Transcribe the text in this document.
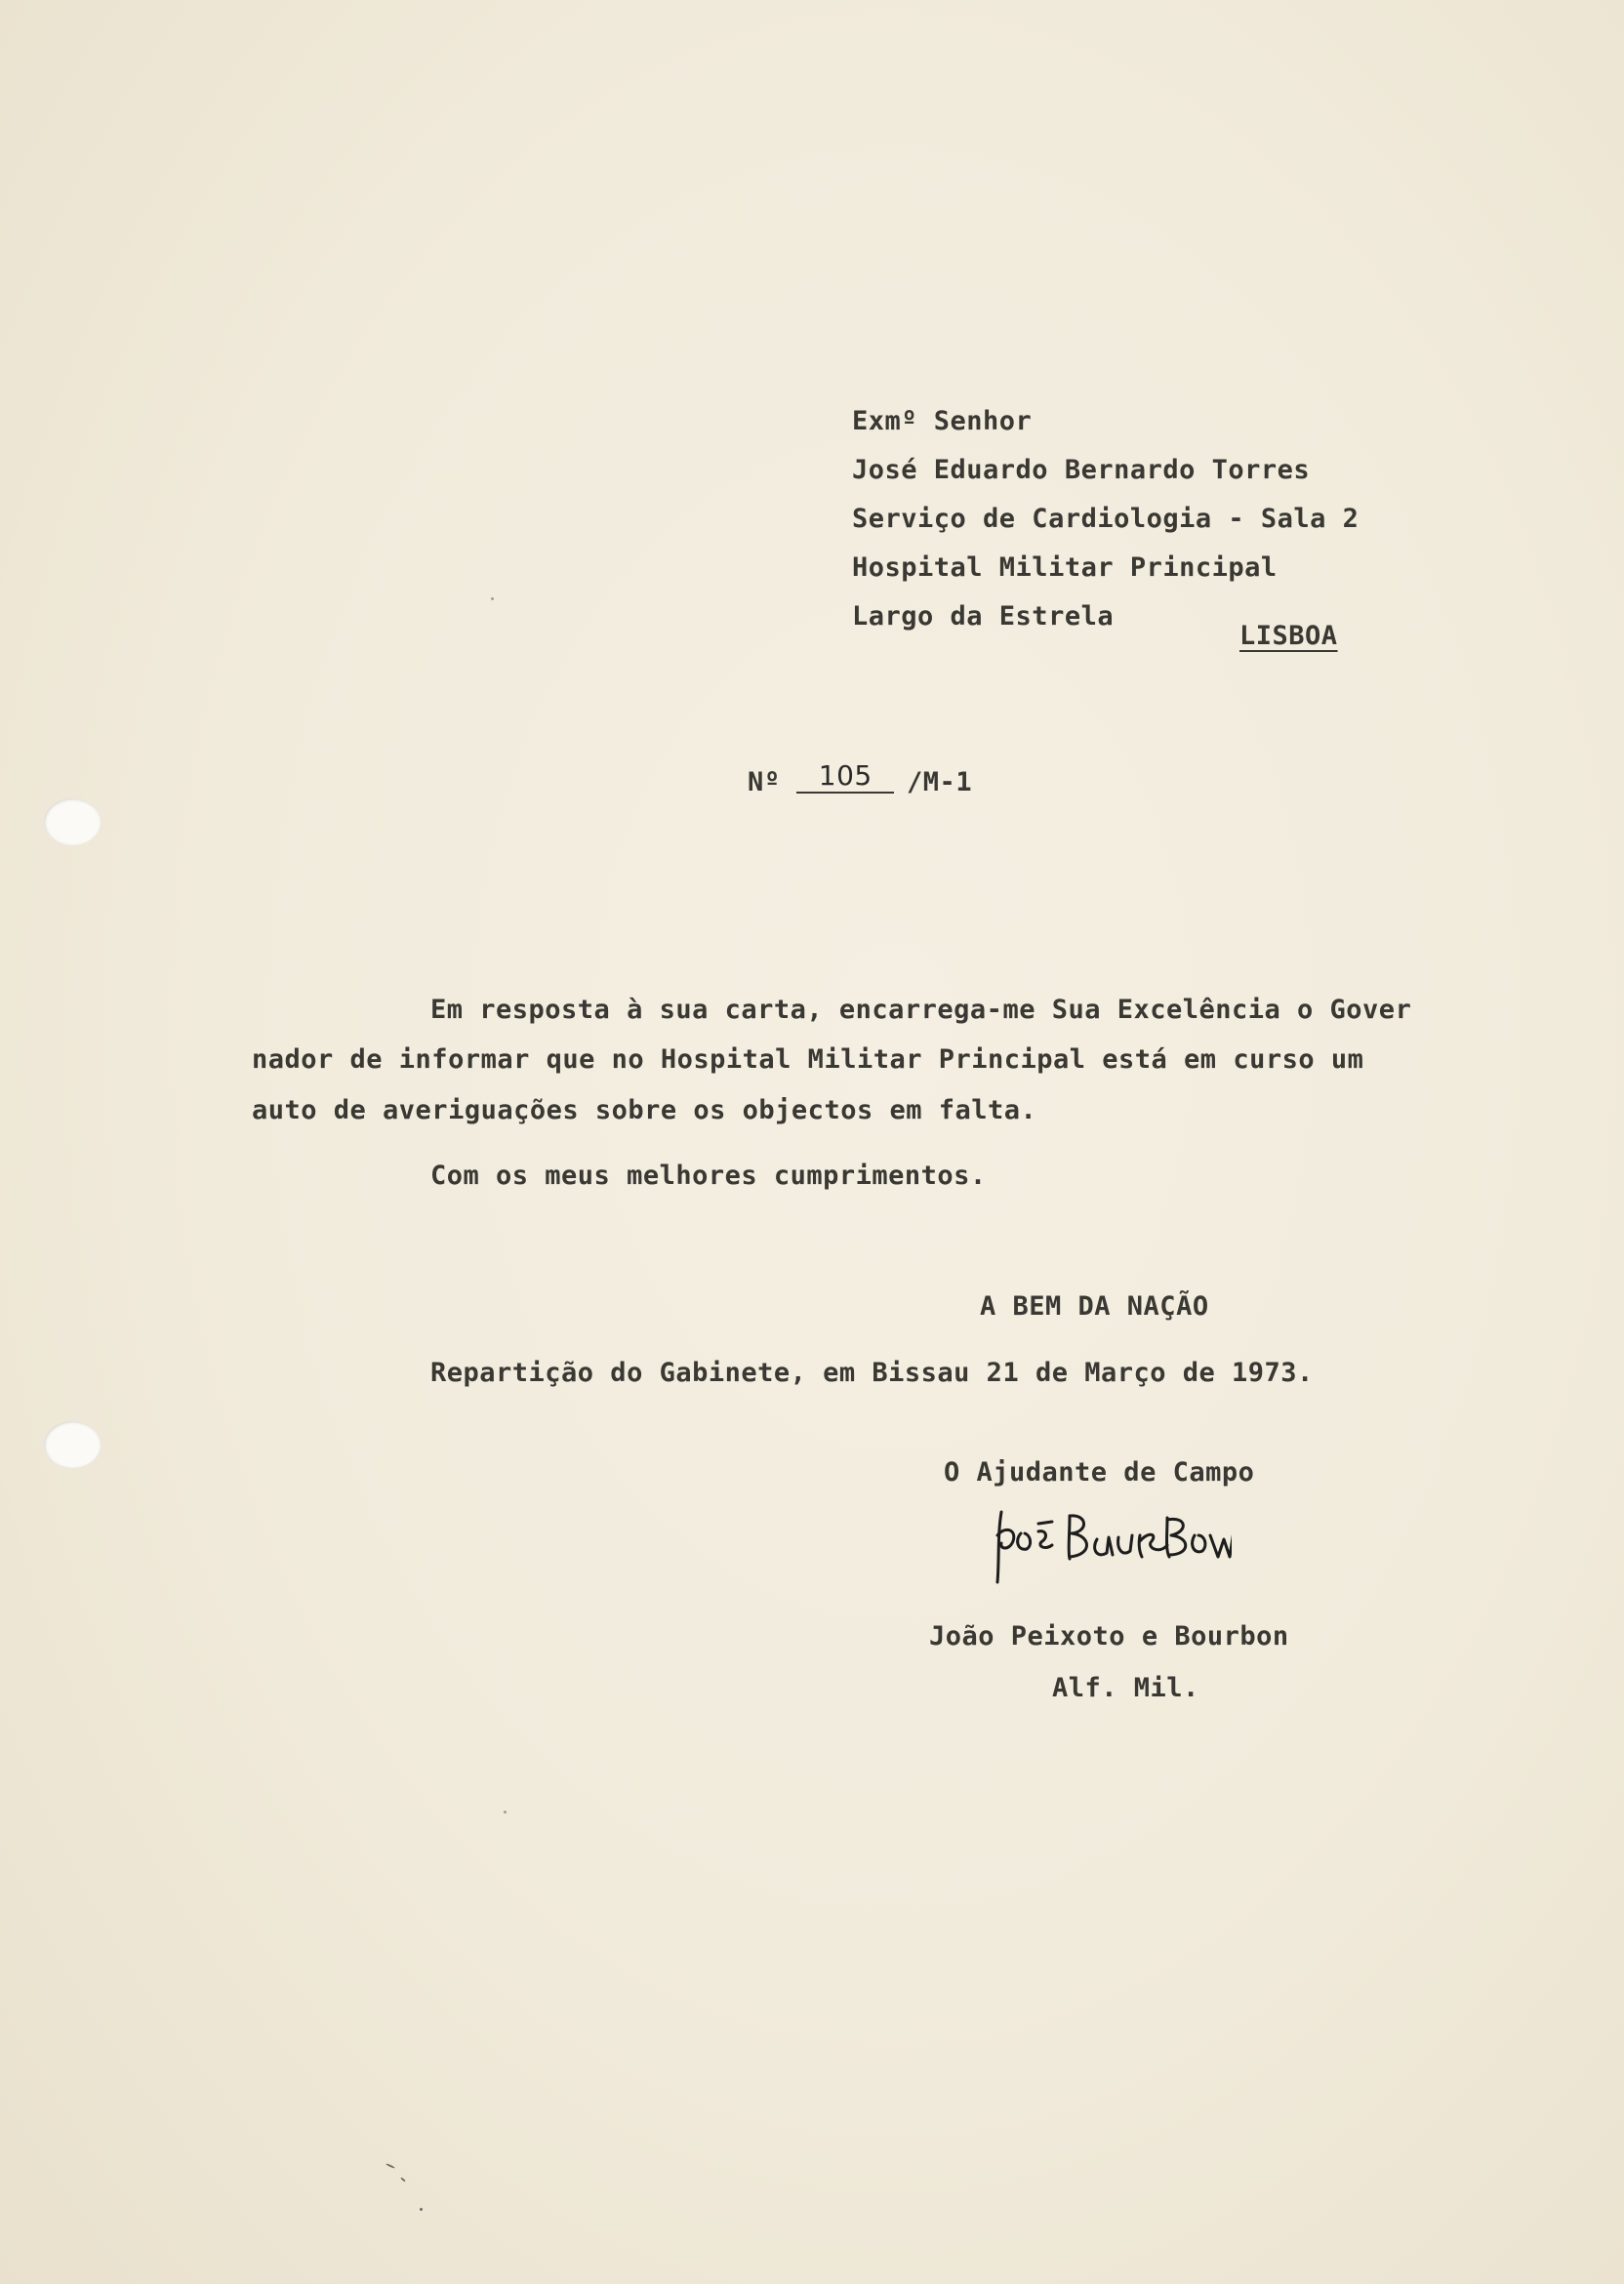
Exmº Senhor
José Eduardo Bernardo Torres
Serviço de Cardiologia - Sala 2
Hospital Militar Principal
Largo da Estrela
LISBOA
Nº 105 /M-1
Em resposta à sua carta, encarrega-me Sua Excelência o Gover
nador de informar que no Hospital Militar Principal está em curso um
auto de averiguações sobre os objectos em falta.
Com os meus melhores cumprimentos.
A BEM DA NAÇÃO
Repartição do Gabinete, em Bissau 21 de Março de 1973.
O Ajudante de Campo
João Peixoto e Bourbon
Alf. Mil.
